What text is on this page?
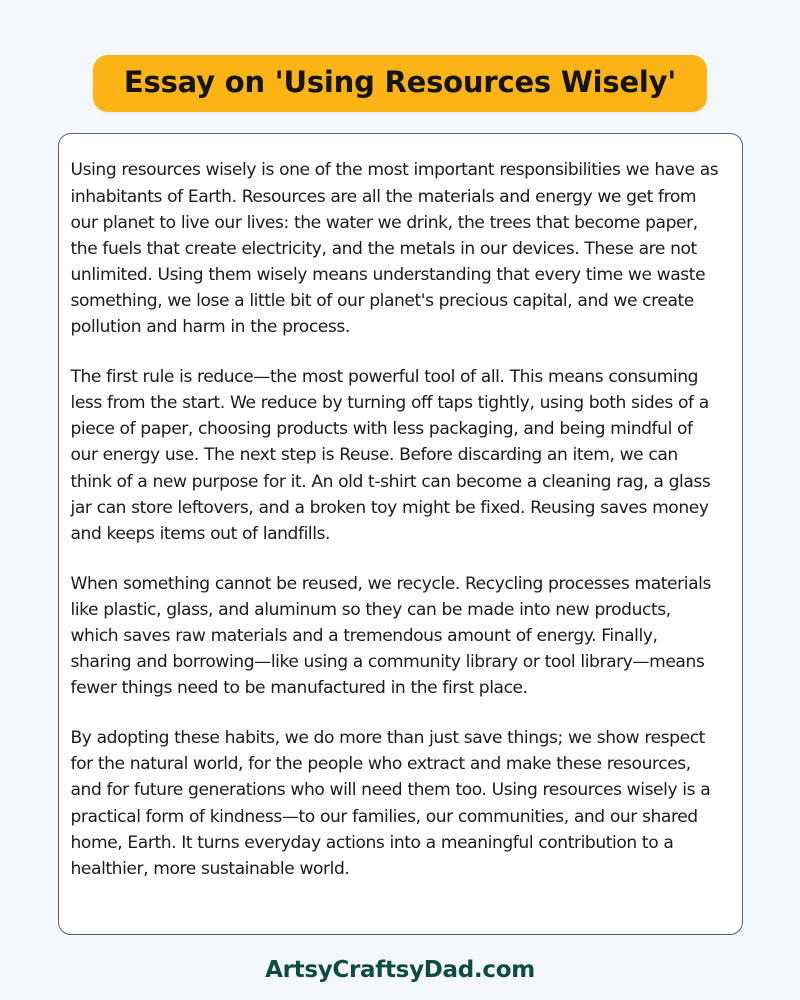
Essay on 'Using Resources Wisely'

Using resources wisely is one of the most important responsibilities we have as inhabitants of Earth. Resources are all the materials and energy we get from our planet to live our lives: the water we drink, the trees that become paper, the fuels that create electricity, and the metals in our devices. These are not unlimited. Using them wisely means understanding that every time we waste something, we lose a little bit of our planet's precious capital, and we create pollution and harm in the process.

The first rule is reduce—the most powerful tool of all. This means consuming less from the start. We reduce by turning off taps tightly, using both sides of a piece of paper, choosing products with less packaging, and being mindful of our energy use. The next step is Reuse. Before discarding an item, we can think of a new purpose for it. An old t-shirt can become a cleaning rag, a glass jar can store leftovers, and a broken toy might be fixed. Reusing saves money and keeps items out of landfills.

When something cannot be reused, we recycle. Recycling processes materials like plastic, glass, and aluminum so they can be made into new products, which saves raw materials and a tremendous amount of energy. Finally, sharing and borrowing—like using a community library or tool library—means fewer things need to be manufactured in the first place.

By adopting these habits, we do more than just save things; we show respect for the natural world, for the people who extract and make these resources, and for future generations who will need them too. Using resources wisely is a practical form of kindness—to our families, our communities, and our shared home, Earth. It turns everyday actions into a meaningful contribution to a healthier, more sustainable world.

ArtsyCraftsyDad.com
